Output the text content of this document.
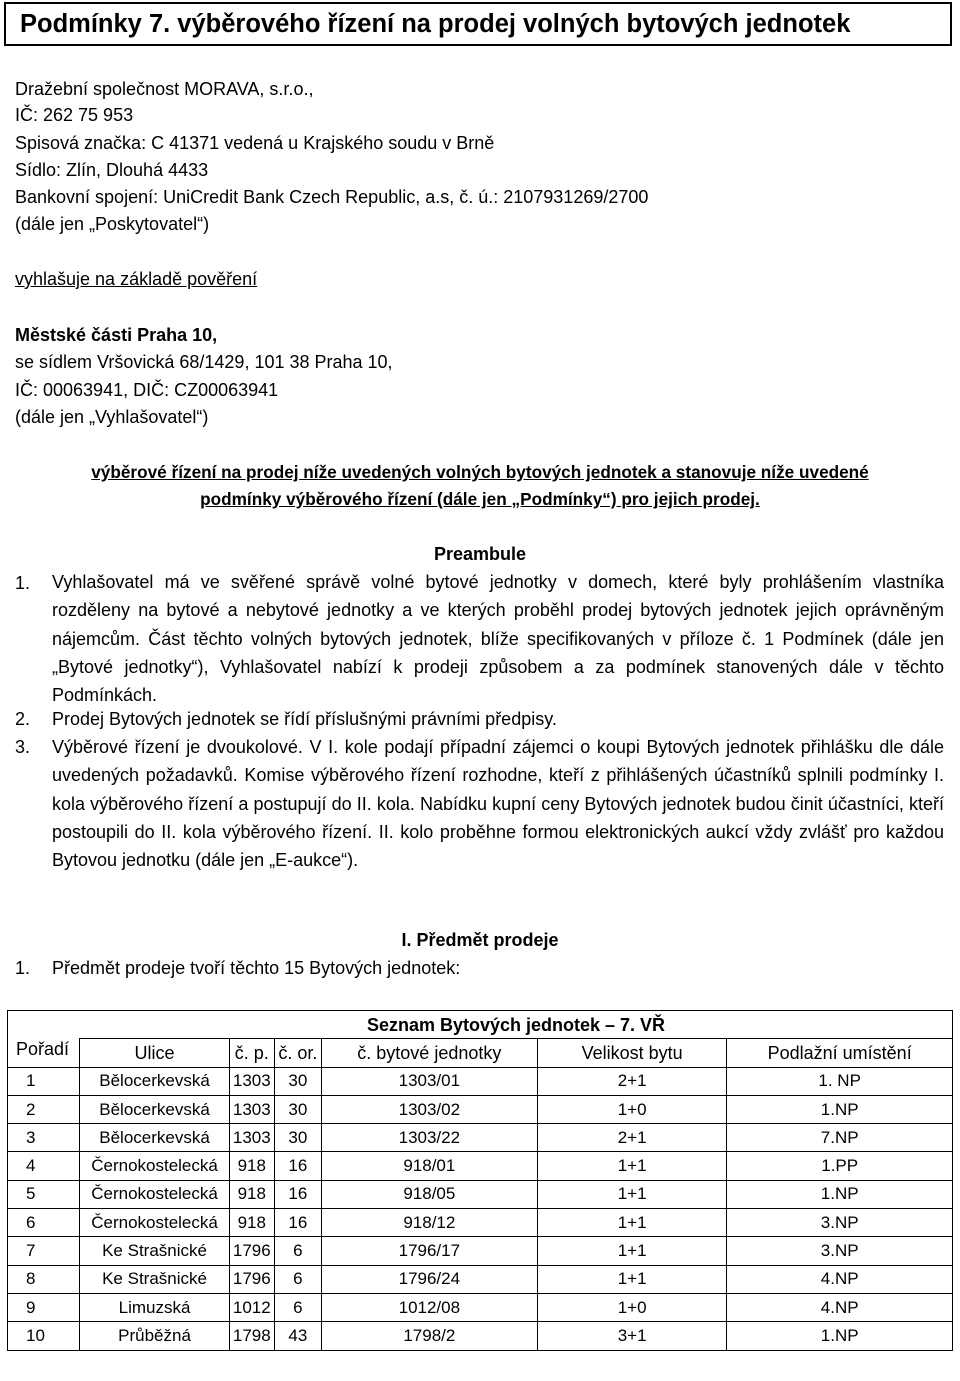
Podmínky 7. výběrového řízení na prodej volných bytových jednotek
Dražební společnost MORAVA, s.r.o.,
IČ: 262 75 953
Spisová značka: C 41371 vedená u Krajského soudu v Brně
Sídlo: Zlín, Dlouhá 4433
Bankovní spojení: UniCredit Bank Czech Republic, a.s, č. ú.: 2107931269/2700
(dále jen „Poskytovatel“)
vyhlašuje na základě pověření
Městské části Praha 10,
se sídlem Vršovická 68/1429, 101 38 Praha 10,
IČ: 00063941, DIČ: CZ00063941
(dále jen „Vyhlašovatel“)
výběrové řízení na prodej níže uvedených volných bytových jednotek a stanovuje níže uvedené
podmínky výběrového řízení (dále jen „Podmínky“) pro jejich prodej.
Preambule
1. Vyhlašovatel má ve svěřené správě volné bytové jednotky v domech, které byly prohlášením vlastníka rozděleny na bytové a nebytové jednotky a ve kterých proběhl prodej bytových jednotek jejich oprávněným nájemcům. Část těchto volných bytových jednotek, blíže specifikovaných v příloze č. 1 Podmínek (dále jen „Bytové jednotky“), Vyhlašovatel nabízí k prodeji způsobem a za podmínek stanovených dále v těchto Podmínkách.
2. Prodej Bytových jednotek se řídí příslušnými právními předpisy.
3. Výběrové řízení je dvoukolové. V I. kole podají případní zájemci o koupi Bytových jednotek přihlášku dle dále uvedených požadavků. Komise výběrového řízení rozhodne, kteří z přihlášených účastníků splnili podmínky I. kola výběrového řízení a postupují do II. kola. Nabídku kupní ceny Bytových jednotek budou činit účastníci, kteří postoupili do II. kola výběrového řízení. II. kolo proběhne formou elektronických aukcí vždy zvlášť pro každou Bytovou jednotku (dále jen „E-aukce“).
I. Předmět prodeje
1. Předmět prodeje tvoří těchto 15 Bytových jednotek:
	Seznam Bytových jednotek – 7. VŘ					
Pořadí	Ulice	č. p.	č. or.	č. bytové jednotky	Velikost bytu	Podlažní umístění
1	Bělocerkevská	1303	30	1303/01	2+1	1. NP
2	Bělocerkevská	1303	30	1303/02	1+0	1.NP
3	Bělocerkevská	1303	30	1303/22	2+1	7.NP
4	Černokostelecká	918	16	918/01	1+1	1.PP
5	Černokostelecká	918	16	918/05	1+1	1.NP
6	Černokostelecká	918	16	918/12	1+1	3.NP
7	Ke Strašnické	1796	6	1796/17	1+1	3.NP
8	Ke Strašnické	1796	6	1796/24	1+1	4.NP
9	Limuzská	1012	6	1012/08	1+0	4.NP
10	Průběžná	1798	43	1798/2	3+1	1.NP
